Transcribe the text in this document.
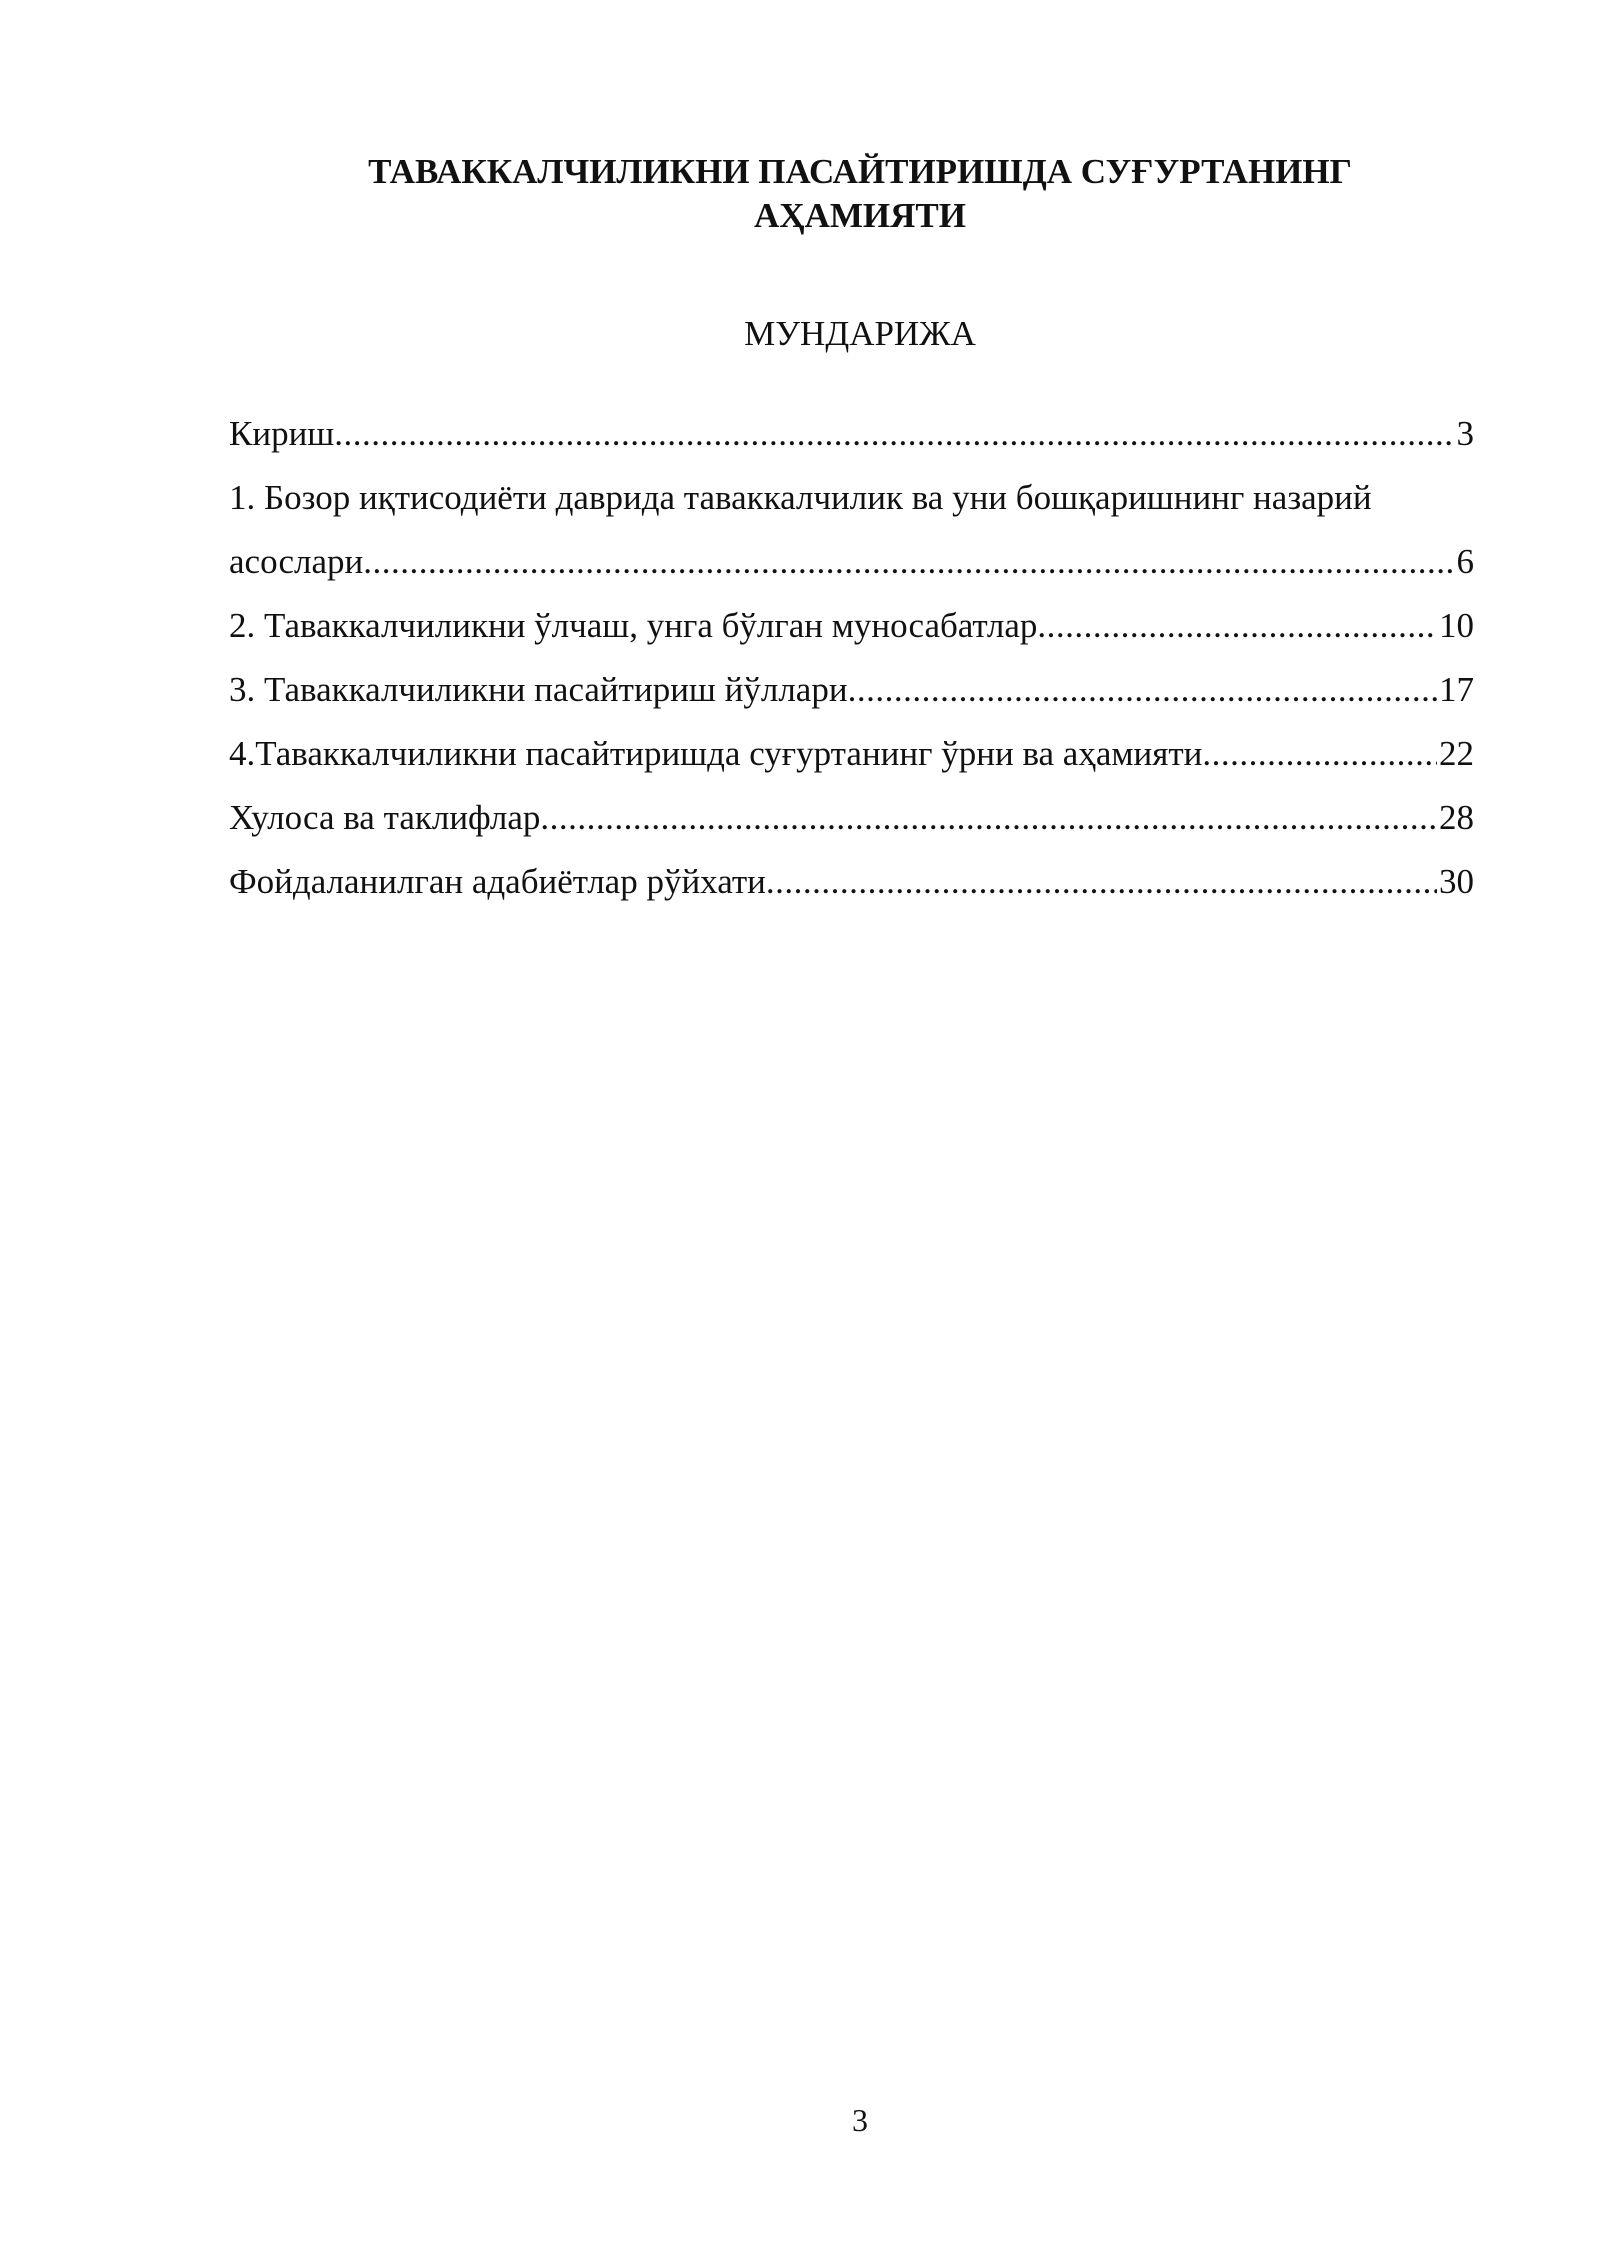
ТАВАККАЛЧИЛИКНИ ПАСАЙТИРИШДА СУҒУРТАНИНГ
АҲАМИЯТИ
МУНДАРИЖА
Кириш .....	3
1. Бозор иқтисодиёти даврида таваккалчилик ва уни бошқаришнинг назарий
асослари .....	6
2. Таваккалчиликни ўлчаш, унга бўлган муносабатлар .....	10
3. Таваккалчиликни пасайтириш йўллари .....	17
4.Таваккалчиликни пасайтиришда суғуртанинг ўрни ва аҳамияти .....	22
Хулоса ва таклифлар .....	28
Фойдаланилган адабиётлар рўйхати .....	30
3
